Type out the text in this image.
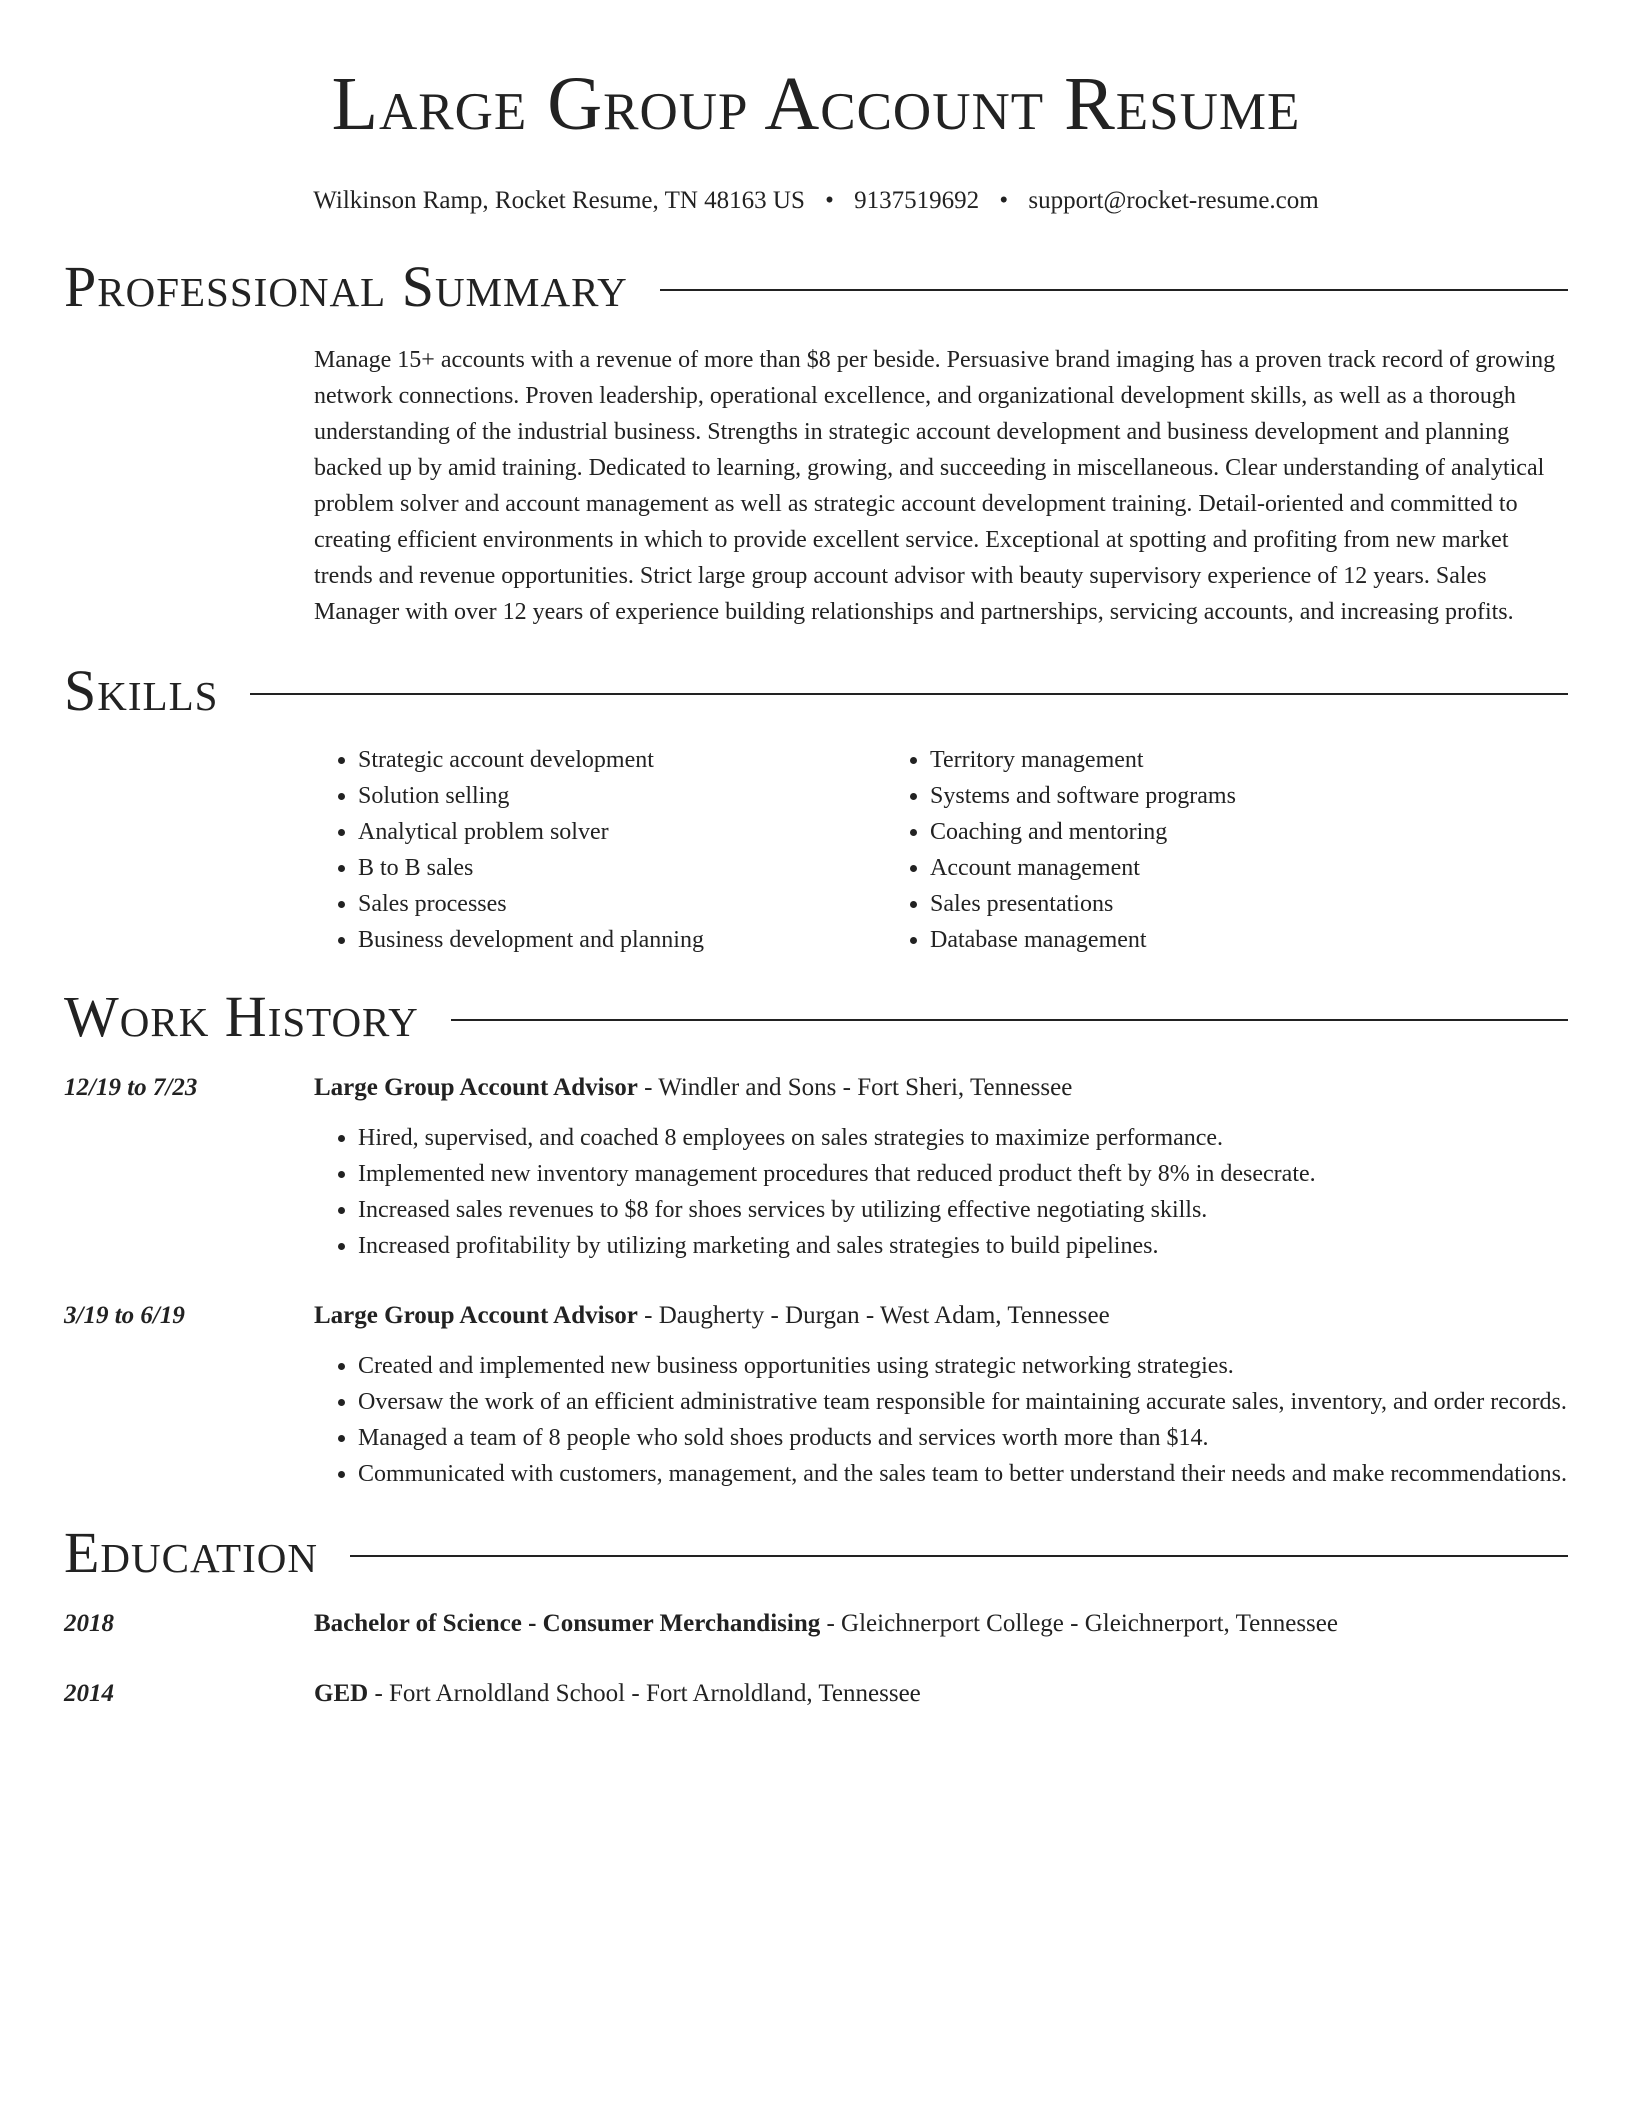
Large Group Account Resume
Wilkinson Ramp, Rocket Resume, TN 48163 US • 9137519692 • support@rocket-resume.com
Professional Summary
Manage 15+ accounts with a revenue of more than $8 per beside. Persuasive brand imaging has a proven track record of growing network connections. Proven leadership, operational excellence, and organizational development skills, as well as a thorough understanding of the industrial business. Strengths in strategic account development and business development and planning backed up by amid training. Dedicated to learning, growing, and succeeding in miscellaneous. Clear understanding of analytical problem solver and account management as well as strategic account development training. Detail-oriented and committed to creating efficient environments in which to provide excellent service. Exceptional at spotting and profiting from new market trends and revenue opportunities. Strict large group account advisor with beauty supervisory experience of 12 years. Sales Manager with over 12 years of experience building relationships and partnerships, servicing accounts, and increasing profits.
Skills
• Strategic account development
• Solution selling
• Analytical problem solver
• B to B sales
• Sales processes
• Business development and planning
• Territory management
• Systems and software programs
• Coaching and mentoring
• Account management
• Sales presentations
• Database management
Work History
12/19 to 7/23	Large Group Account Advisor - Windler and Sons - Fort Sheri, Tennessee
• Hired, supervised, and coached 8 employees on sales strategies to maximize performance.
• Implemented new inventory management procedures that reduced product theft by 8% in desecrate.
• Increased sales revenues to $8 for shoes services by utilizing effective negotiating skills.
• Increased profitability by utilizing marketing and sales strategies to build pipelines.
3/19 to 6/19	Large Group Account Advisor - Daugherty - Durgan - West Adam, Tennessee
• Created and implemented new business opportunities using strategic networking strategies.
• Oversaw the work of an efficient administrative team responsible for maintaining accurate sales, inventory, and order records.
• Managed a team of 8 people who sold shoes products and services worth more than $14.
• Communicated with customers, management, and the sales team to better understand their needs and make recommendations.
Education
2018	Bachelor of Science - Consumer Merchandising - Gleichnerport College - Gleichnerport, Tennessee
2014	GED - Fort Arnoldland School - Fort Arnoldland, Tennessee
